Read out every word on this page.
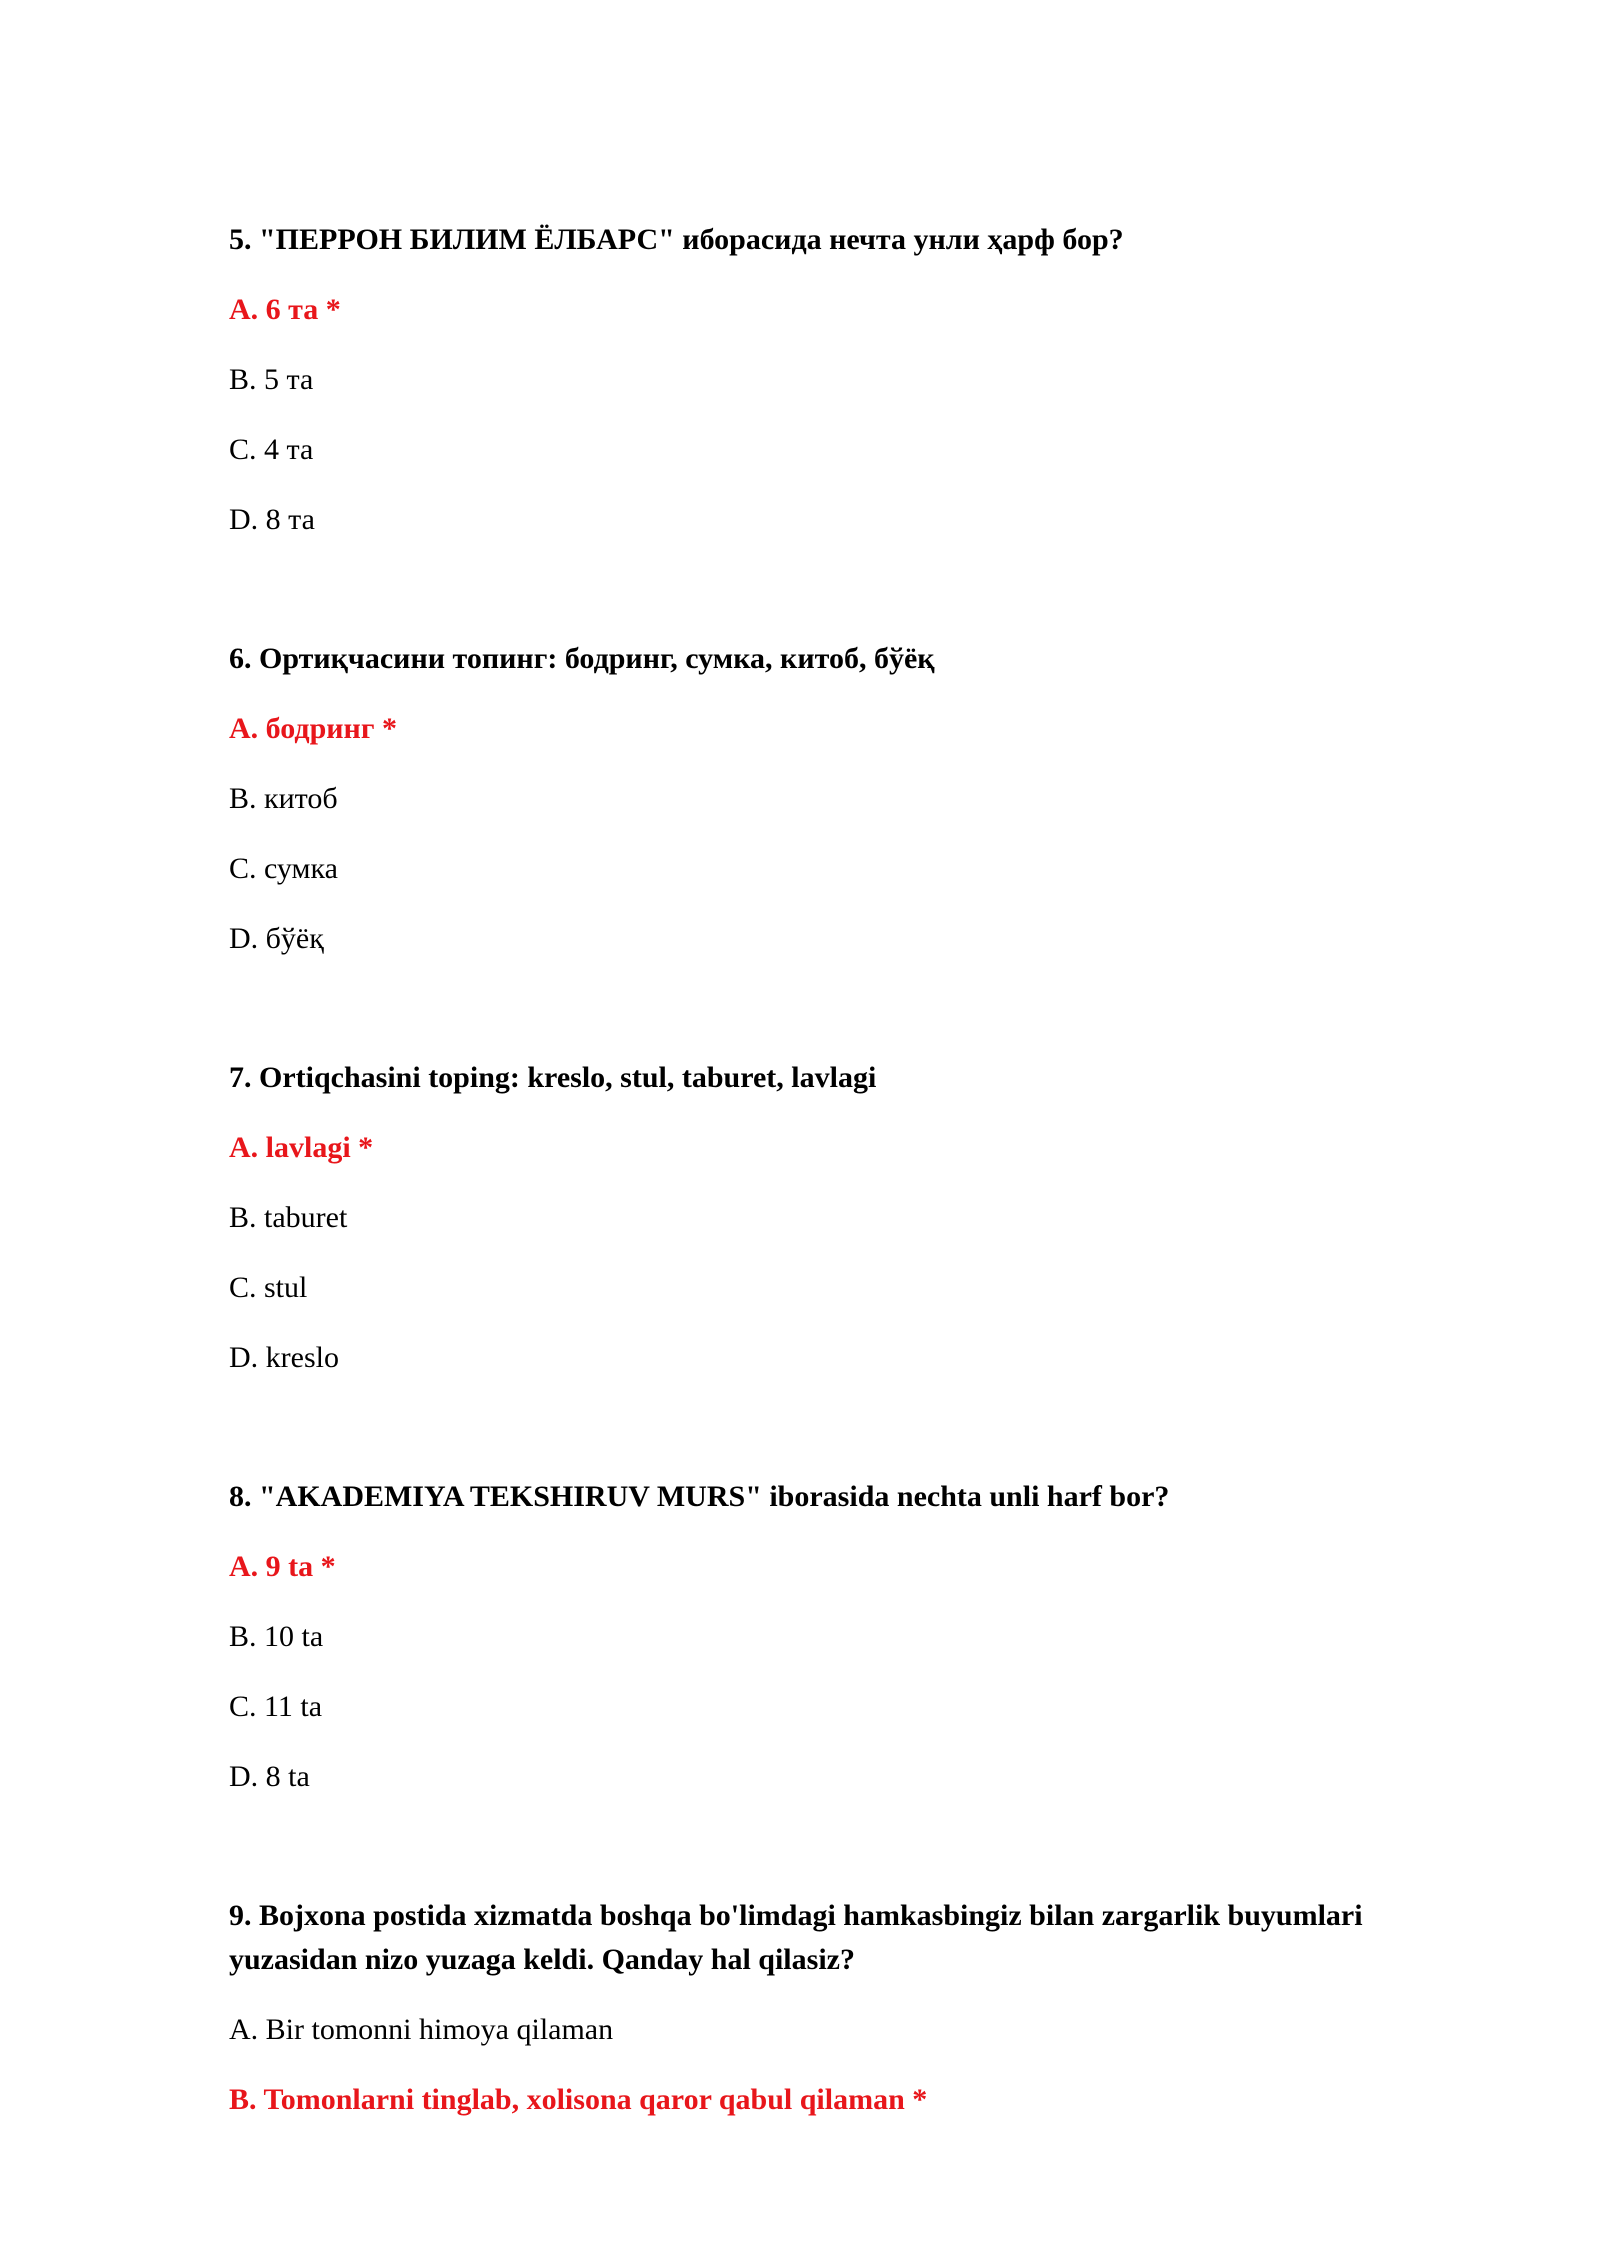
5. "ПЕРРОН БИЛИМ ЁЛБАРС" иборасида нечта унли ҳарф бор?

A. 6 та *

B. 5 та

C. 4 та

D. 8 та

6. Ортиқчасини топинг: бодринг, сумка, китоб, бўёқ

A. бодринг *

B. китоб

C. сумка

D. бўёқ

7. Ortiqchasini toping: kreslo, stul, taburet, lavlagi

A. lavlagi *

B. taburet

C. stul

D. kreslo

8. "AKADEMIYA TEKSHIRUV MURS" iborasida nechta unli harf bor?

A. 9 ta *

B. 10 ta

C. 11 ta

D. 8 ta

9. Bojxona postida xizmatda boshqa bo'limdagi hamkasbingiz bilan zargarlik buyumlari yuzasidan nizo yuzaga keldi. Qanday hal qilasiz?

A. Bir tomonni himoya qilaman

B. Tomonlarni tinglab, xolisona qaror qabul qilaman *
